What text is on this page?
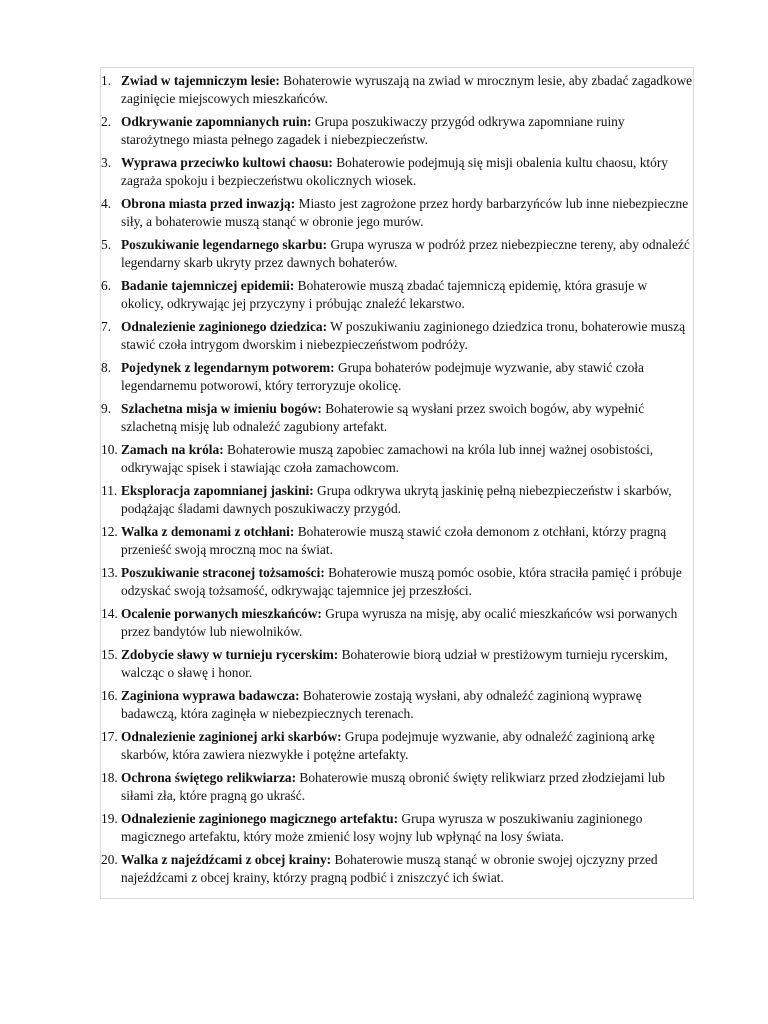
1. Zwiad w tajemniczym lesie: Bohaterowie wyruszają na zwiad w mrocznym lesie, aby zbadać zagadkowe zaginięcie miejscowych mieszkańców.
2. Odkrywanie zapomnianych ruin: Grupa poszukiwaczy przygód odkrywa zapomniane ruiny starożytnego miasta pełnego zagadek i niebezpieczeństw.
3. Wyprawa przeciwko kultowi chaosu: Bohaterowie podejmują się misji obalenia kultu chaosu, który zagraża spokoju i bezpieczeństwu okolicznych wiosek.
4. Obrona miasta przed inwazją: Miasto jest zagrożone przez hordy barbarzyńców lub inne niebezpieczne siły, a bohaterowie muszą stanąć w obronie jego murów.
5. Poszukiwanie legendarnego skarbu: Grupa wyrusza w podróż przez niebezpieczne tereny, aby odnaleźć legendarny skarb ukryty przez dawnych bohaterów.
6. Badanie tajemniczej epidemii: Bohaterowie muszą zbadać tajemniczą epidemię, która grasuje w okolicy, odkrywając jej przyczyny i próbując znaleźć lekarstwo.
7. Odnalezienie zaginionego dziedzica: W poszukiwaniu zaginionego dziedzica tronu, bohaterowie muszą stawić czoła intrygom dworskim i niebezpieczeństwom podróży.
8. Pojedynek z legendarnym potworem: Grupa bohaterów podejmuje wyzwanie, aby stawić czoła legendarnemu potworowi, który terroryzuje okolicę.
9. Szlachetna misja w imieniu bogów: Bohaterowie są wysłani przez swoich bogów, aby wypełnić szlachetną misję lub odnaleźć zagubiony artefakt.
10. Zamach na króla: Bohaterowie muszą zapobiec zamachowi na króla lub innej ważnej osobistości, odkrywając spisek i stawiając czoła zamachowcom.
11. Eksploracja zapomnianej jaskini: Grupa odkrywa ukrytą jaskinię pełną niebezpieczeństw i skarbów, podążając śladami dawnych poszukiwaczy przygód.
12. Walka z demonami z otchłani: Bohaterowie muszą stawić czoła demonom z otchłani, którzy pragną przenieść swoją mroczną moc na świat.
13. Poszukiwanie straconej tożsamości: Bohaterowie muszą pomóc osobie, która straciła pamięć i próbuje odzyskać swoją tożsamość, odkrywając tajemnice jej przeszłości.
14. Ocalenie porwanych mieszkańców: Grupa wyrusza na misję, aby ocalić mieszkańców wsi porwanych przez bandytów lub niewolników.
15. Zdobycie sławy w turnieju rycerskim: Bohaterowie biorą udział w prestiżowym turnieju rycerskim, walcząc o sławę i honor.
16. Zaginiona wyprawa badawcza: Bohaterowie zostają wysłani, aby odnaleźć zaginioną wyprawę badawczą, która zaginęła w niebezpiecznych terenach.
17. Odnalezienie zaginionej arki skarbów: Grupa podejmuje wyzwanie, aby odnaleźć zaginioną arkę skarbów, która zawiera niezwykłe i potężne artefakty.
18. Ochrona świętego relikwiarza: Bohaterowie muszą obronić święty relikwiarz przed złodziejami lub siłami zła, które pragną go ukraść.
19. Odnalezienie zaginionego magicznego artefaktu: Grupa wyrusza w poszukiwaniu zaginionego magicznego artefaktu, który może zmienić losy wojny lub wpłynąć na losy świata.
20. Walka z najeźdźcami z obcej krainy: Bohaterowie muszą stanąć w obronie swojej ojczyzny przed najeźdźcami z obcej krainy, którzy pragną podbić i zniszczyć ich świat.
